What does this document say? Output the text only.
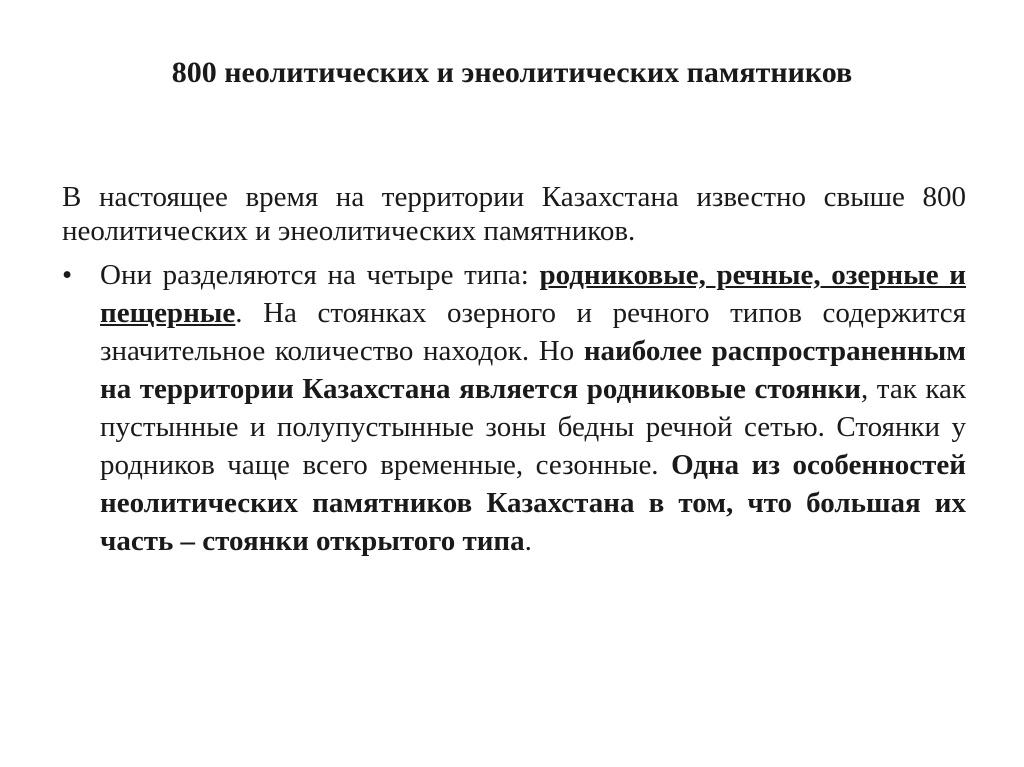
800 неолитических и энеолитических памятников
В настоящее время на территории Казахстана известно свыше 800 неолитических и энеолитических памятников.
• Они разделяются на четыре типа: родниковые, речные, озерные и пещерные. На стоянках озерного и речного типов содержится значительное количество находок. Но наиболее распространенным на территории Казахстана является родниковые стоянки, так как пустынные и полупустынные зоны бедны речной сетью. Стоянки у родников чаще всего временные, сезонные. Одна из особенностей неолитических памятников Казахстана в том, что большая их часть – стоянки открытого типа.
